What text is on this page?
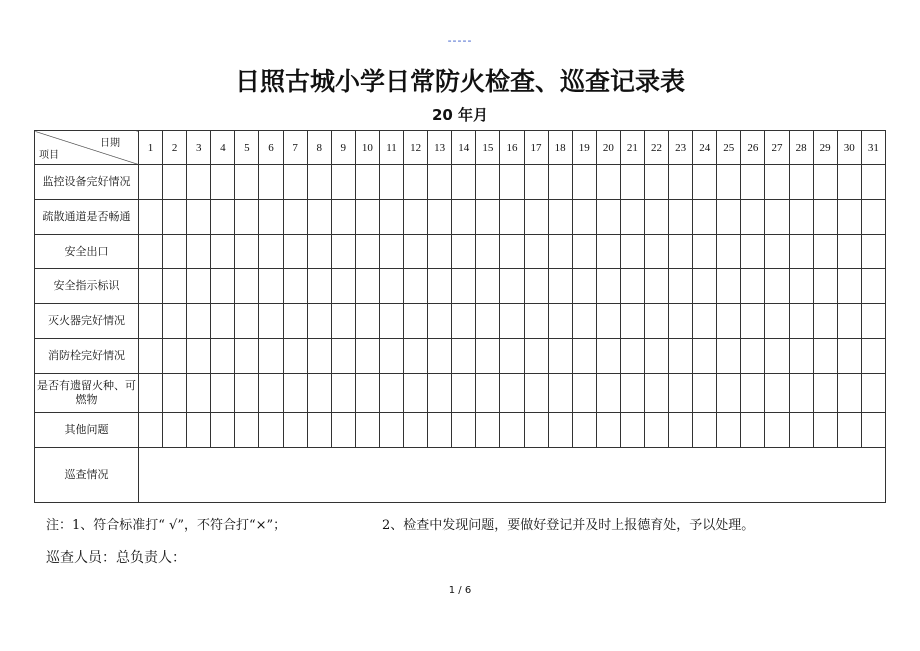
-----
日照古城小学日常防火检查、巡查记录表
20 年月
日期
项目	1	2	3	4	5	6	7	8	9	10	11	12	13	14	15	16	17	18	19	20	21	22	23	24	25	26	27	28	29	30	31
监控设备完好情况																															
疏散通道是否畅通																															
安全出口																															
安全指示标识																															
灭火器完好情况																															
消防栓完好情况																															
是否有遗留火种、可燃物																															
其他问题																															
巡查情况																															
注：1、符合标准打“ √”，不符合打“×”；	2、检查中发现问题，要做好登记并及时上报德育处，予以处理。
巡查人员：总负责人：
1 / 6
